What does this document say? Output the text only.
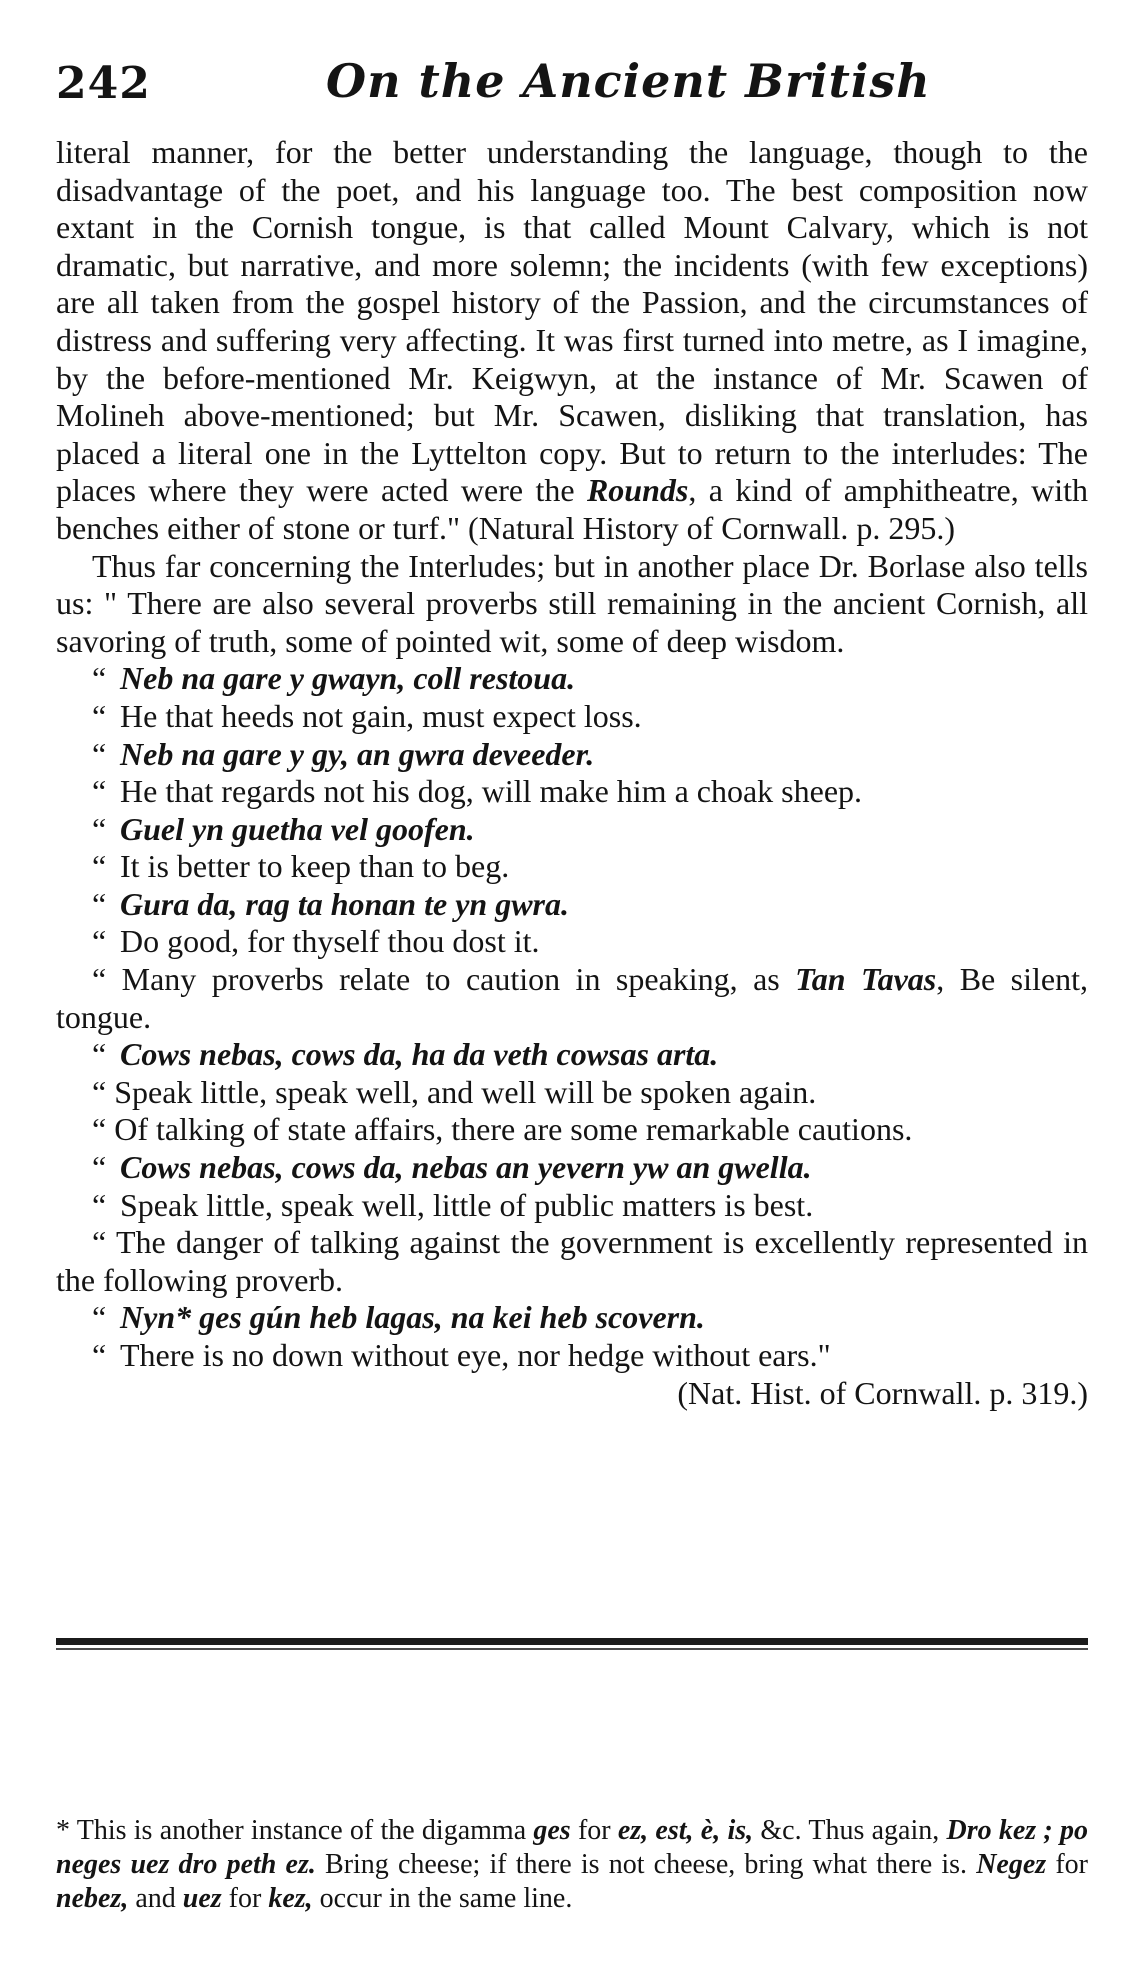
242	On the Ancient British

literal manner, for the better understanding the language, though to the disadvantage of the poet, and his language too. The best composition now extant in the Cornish tongue, is that called Mount Calvary, which is not dramatic, but narrative, and more solemn; the incidents (with few exceptions) are all taken from the gospel history of the Passion, and the circumstances of distress and suffering very affecting. It was first turned into metre, as I imagine, by the before-mentioned Mr. Keigwyn, at the instance of Mr. Scawen of Molineh above-mentioned; but Mr. Scawen, disliking that translation, has placed a literal one in the Lyttelton copy. But to return to the interludes: The places where they were acted were the Rounds, a kind of amphitheatre, with benches either of stone or turf." (Natural History of Cornwall. p. 295.)

Thus far concerning the Interludes; but in another place Dr. Borlase also tells us: " There are also several proverbs still remaining in the ancient Cornish, all savoring of truth, some of pointed wit, some of deep wisdom.

“ Neb na gare y gwayn, coll restoua.
“ He that heeds not gain, must expect loss.
“ Neb na gare y gy, an gwra deveeder.
“ He that regards not his dog, will make him a choak sheep.
“ Guel yn guetha vel goofen.
“ It is better to keep than to beg.
“ Gura da, rag ta honan te yn gwra.
“ Do good, for thyself thou dost it.

“ Many proverbs relate to caution in speaking, as Tan Tavas, Be silent, tongue.

“ Cows nebas, cows da, ha da veth cowsas arta.

“ Speak little, speak well, and well will be spoken again.

“ Of talking of state affairs, there are some remarkable cautions.

“ Cows nebas, cows da, nebas an yevern yw an gwella.
“ Speak little, speak well, little of public matters is best.

“ The danger of talking against the government is excellently represented in the following proverb.

“ Nyn* ges gún heb lagas, na kei heb scovern.
“ There is no down without eye, nor hedge without ears."
(Nat. Hist. of Cornwall. p. 319.)

* This is another instance of the digamma ges for ez, est, è, is, &c. Thus again, Dro kez ; po neges uez dro peth ez. Bring cheese; if there is not cheese, bring what there is. Negez for nebez, and uez for kez, occur in the same line.
